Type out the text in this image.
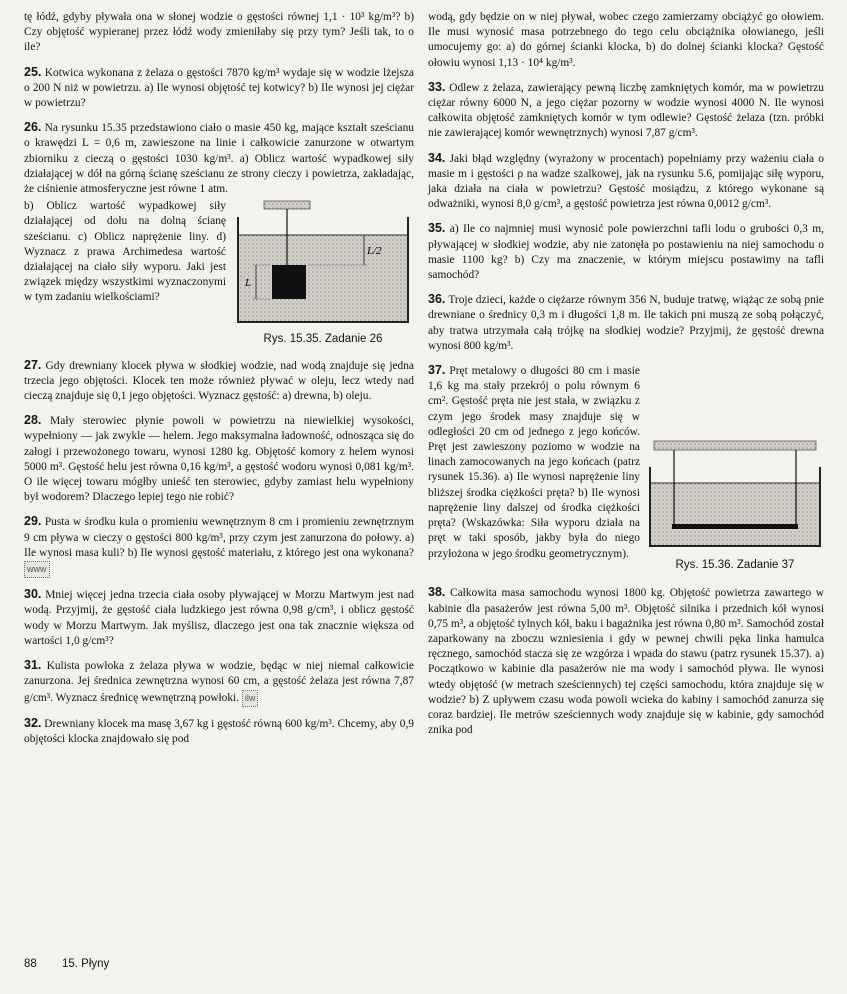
tę łódź, gdyby pływała ona w słonej wodzie o gęstości równej 1,1 · 10³ kg/m³? b) Czy objętość wypieranej przez łódź wody zmieniłaby się przy tym? Jeśli tak, to o ile?

25. Kotwica wykonana z żelaza o gęstości 7870 kg/m³ wydaje się w wodzie lżejsza o 200 N niż w powietrzu. a) Ile wynosi objętość tej kotwicy? b) Ile wynosi jej ciężar w powietrzu?

26. Na rysunku 15.35 przedstawiono ciało o masie 450 kg, mające kształt sześcianu o krawędzi L = 0,6 m, zawieszone na linie i całkowicie zanurzone w otwartym zbiorniku z cieczą o gęstości 1030 kg/m³. a) Oblicz wartość wypadkowej siły działającej w dół na górną ścianę sześcianu ze strony cieczy i powietrza, zakładając, że ciśnienie atmosferyczne jest równe 1 atm.

L/2
L
Rys. 15.35. Zadanie 26
b) Oblicz wartość wypadkowej siły działającej od dołu na dolną ścianę sześcianu. c) Oblicz naprężenie liny. d) Wyznacz z prawa Archimedesa wartość działającej na ciało siły wyporu. Jaki jest związek między wszystkimi wyznaczonymi w tym zadaniu wielkościami?

27. Gdy drewniany klocek pływa w słodkiej wodzie, nad wodą znajduje się jedna trzecia jego objętości. Klocek ten może również pływać w oleju, lecz wtedy nad cieczą znajduje się 0,1 jego objętości. Wyznacz gęstość: a) drewna, b) oleju.

28. Mały sterowiec płynie powoli w powietrzu na niewielkiej wysokości, wypełniony — jak zwykle — helem. Jego maksymalna ładowność, odnosząca się do załogi i przewożonego towaru, wynosi 1280 kg. Objętość komory z helem wynosi 5000 m³. Gęstość helu jest równa 0,16 kg/m³, a gęstość wodoru wynosi 0,081 kg/m³. O ile więcej towaru mógłby unieść ten sterowiec, gdyby zamiast helu wypełniony był wodorem? Dlaczego lepiej tego nie robić?

29. Pusta w środku kula o promieniu wewnętrznym 8 cm i promieniu zewnętrznym 9 cm pływa w cieczy o gęstości 800 kg/m³, przy czym jest zanurzona do połowy. a) Ile wynosi masa kuli? b) Ile wynosi gęstość materiału, z którego jest ona wykonana? www

30. Mniej więcej jedna trzecia ciała osoby pływającej w Morzu Martwym jest nad wodą. Przyjmij, że gęstość ciała ludzkiego jest równa 0,98 g/cm³, i oblicz gęstość wody w Morzu Martwym. Jak myślisz, dlaczego jest ona tak znacznie większa od wartości 1,0 g/cm³?

31. Kulista powłoka z żelaza pływa w wodzie, będąc w niej niemal całkowicie zanurzona. Jej średnica zewnętrzna wynosi 60 cm, a gęstość żelaza jest równa 7,87 g/cm³. Wyznacz średnicę wewnętrzną powłoki. ilw

32. Drewniany klocek ma masę 3,67 kg i gęstość równą 600 kg/m³. Chcemy, aby 0,9 objętości klocka znajdowało się pod

wodą, gdy będzie on w niej pływał, wobec czego zamierzamy obciążyć go ołowiem. Ile musi wynosić masa potrzebnego do tego celu obciążnika ołowianego, jeśli umocujemy go: a) do górnej ścianki klocka, b) do dolnej ścianki klocka? Gęstość ołowiu wynosi 1,13 · 10⁴ kg/m³.

33. Odlew z żelaza, zawierający pewną liczbę zamkniętych komór, ma w powietrzu ciężar równy 6000 N, a jego ciężar pozorny w wodzie wynosi 4000 N. Ile wynosi całkowita objętość zamkniętych komór w tym odlewie? Gęstość żelaza (tzn. próbki nie zawierającej komór wewnętrznych) wynosi 7,87 g/cm³.

34. Jaki błąd względny (wyrażony w procentach) popełniamy przy ważeniu ciała o masie m i gęstości ρ na wadze szalkowej, jak na rysunku 5.6, pomijając siłę wyporu, jaka działa na ciała w powietrzu? Gęstość mosiądzu, z którego wykonane są odważniki, wynosi 8,0 g/cm³, a gęstość powietrza jest równa 0,0012 g/cm³.

35. a) Ile co najmniej musi wynosić pole powierzchni tafli lodu o grubości 0,3 m, pływającej w słodkiej wodzie, aby nie zatonęła po postawieniu na niej samochodu o masie 1100 kg? b) Czy ma znaczenie, w którym miejscu postawimy na tafli samochód?

36. Troje dzieci, każde o ciężarze równym 356 N, buduje tratwę, wiążąc ze sobą pnie drewniane o średnicy 0,3 m i długości 1,8 m. Ile takich pni muszą ze sobą połączyć, aby tratwa utrzymała całą trójkę na słodkiej wodzie? Przyjmij, że gęstość drewna wynosi 800 kg/m³.

Rys. 15.36. Zadanie 37
37. Pręt metalowy o długości 80 cm i masie 1,6 kg ma stały przekrój o polu równym 6 cm². Gęstość pręta nie jest stała, w związku z czym jego środek masy znajduje się w odległości 20 cm od jednego z jego końców. Pręt jest zawieszony poziomo w wodzie na linach zamocowanych na jego końcach (patrz rysunek 15.36). a) Ile wynosi naprężenie liny bliższej środka ciężkości pręta? b) Ile wynosi naprężenie liny dalszej od środka ciężkości pręta? (Wskazówka: Siła wyporu działa na pręt w taki sposób, jakby była do niego przyłożona w jego środku geometrycznym).

38. Całkowita masa samochodu wynosi 1800 kg. Objętość powietrza zawartego w kabinie dla pasażerów jest równa 5,00 m³. Objętość silnika i przednich kół wynosi 0,75 m³, a objętość tylnych kół, baku i bagażnika jest równa 0,80 m³. Samochód został zaparkowany na zboczu wzniesienia i gdy w pewnej chwili pęka linka hamulca ręcznego, samochód stacza się ze wzgórza i wpada do stawu (patrz rysunek 15.37). a) Początkowo w kabinie dla pasażerów nie ma wody i samochód pływa. Ile wynosi wtedy objętość (w metrach sześciennych) tej części samochodu, która znajduje się w wodzie? b) Z upływem czasu woda powoli wcieka do kabiny i samochód zanurza się coraz bardziej. Ile metrów sześciennych wody znajduje się w kabinie, gdy samochód znika pod

88 15. Płyny
